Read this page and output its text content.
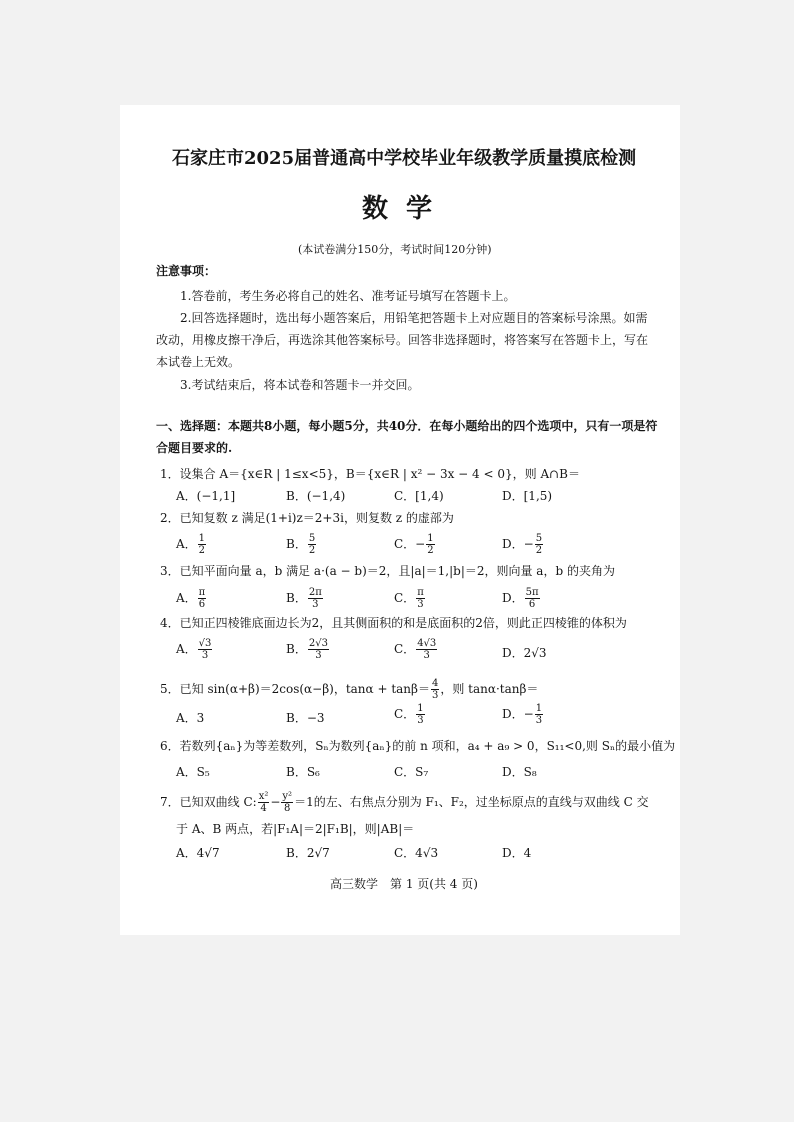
石家庄市2025届普通高中学校毕业年级教学质量摸底检测
数学
(本试卷满分150分，考试时间120分钟)
注意事项：
1.答卷前，考生务必将自己的姓名、准考证号填写在答题卡上。
2.回答选择题时，选出每小题答案后，用铅笔把答题卡上对应题目的答案标号涂黑。如需
改动，用橡皮擦干净后，再选涂其他答案标号。回答非选择题时，将答案写在答题卡上，写在
本试卷上无效。
3.考试结束后，将本试卷和答题卡一并交回。
一、选择题：本题共8小题，每小题5分，共40分．在每小题给出的四个选项中，只有一项是符
合题目要求的.
1．设集合 A＝{x∈R | 1≤x<5}，B＝{x∈R | x² − 3x − 4 < 0}，则 A∩B＝
A．(−1,1]	B．(−1,4)	C．[1,4)	D．[1,5)
2．已知复数 z 满足(1+i)z＝2+3i，则复数 z 的虚部为
A． $\frac{1}{2}$	B． $\frac{5}{2}$	C．− $\frac{1}{2}$	D．− $\frac{5}{2}$
3．已知平面向量 a，b 满足 a·(a − b)＝2，且|a|＝1,|b|＝2，则向量 a，b 的夹角为
A． $\frac{\pi}{6}$	B． $\frac{2\pi}{3}$	C． $\frac{\pi}{3}$	D． $\frac{5\pi}{6}$
4．已知正四棱锥底面边长为2，且其侧面积的和是底面积的2倍，则此正四棱锥的体积为
A． $\frac{√3}{3}$	B． $\frac{2√3}{3}$	C． $\frac{4√3}{3}$	D．2√3
5．已知 sin(α+β)＝2cos(α−β)，$\tan\alpha + \tan\beta= \frac{4}{3}$ ，则 tanα·tanβ＝
A．3	B．−3	C． $\frac{1}{3}$	D．− $\frac{1}{3}$
6．若数列{aₙ}为等差数列，Sₙ为数列{aₙ}的前 n 项和，a₄ + a₉ > 0，S₁₁<0,则 Sₙ的最小值为
A．S₅	B．S₆	C．S₇	D．S₈
7．已知双曲线 C: $\frac{\text{x²}}{4} - \frac{\text{y²}}{8} =1$的左、右焦点分别为 F₁、F₂，过坐标原点的直线与双曲线 C 交
于 A、B 两点，若|F₁A|＝2|F₁B|，则|AB|＝
A．4√7	B．2√7	C．4√3	D．4
高三数学　第 1 页(共 4 页)
